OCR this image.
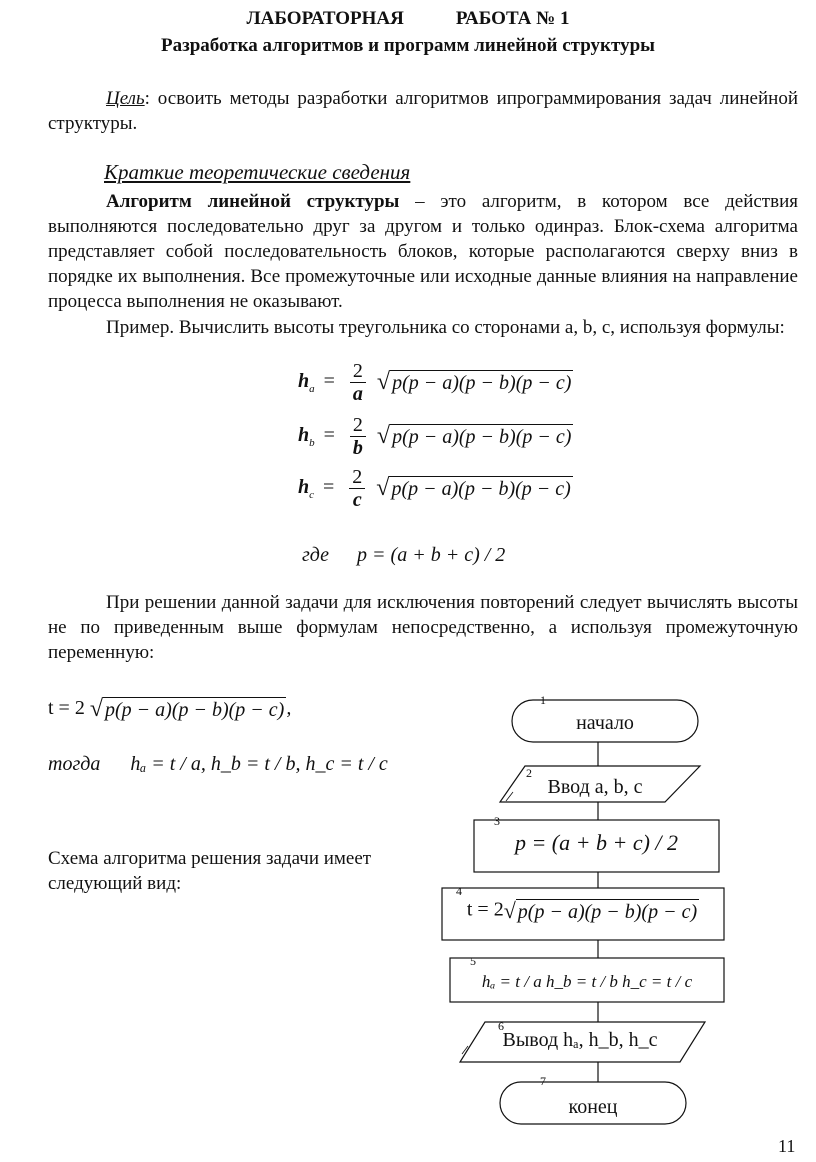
ЛАБОРАТОРНАЯ	РАБОТА № 1
Разработка алгоритмов и программ линейной структуры
Цель: освоить методы разработки алгоритмов ипрограммирования задач линейной структуры.
Краткие теоретические сведения
Алгоритм линейной структуры – это алгоритм, в котором все действия выполняются последовательно друг за другом и только одинраз. Блок-схема алгоритма представляет собой последовательность блоков, которые располагаются сверху вниз в порядке их выполнения. Все промежуточные или исходные данные влияния на направление процесса выполнения не оказывают.
Пример. Вычислить высоты треугольника со сторонами a, b, c, используя формулы:
$h_a = \frac{2}{a}$ √ p(p − a)(p − b)(p − c)
$h_b = \frac{2}{b}$ √ p(p − a)(p − b)(p − c)
$h_c = \frac{2}{c}$ √ p(p − a)(p − b)(p − c)
где p = (a + b + c) / 2
При решении данной задачи для исключения повторений следует вычислять высоты не по приведенным выше формулам непосредственно, а используя промежуточную переменную:
t = 2 √ p(p − a)(p − b)(p − c) ,
тогда hₐ = t / a, h_b = t / b, h_c = t / c
Схема алгоритма решения задачи имеет следующий вид:
1
2
3
4
5
6
7
начало
Ввод a, b, c
p = (a + b + c) / 2
t = 2√ p(p − a)(p − b)(p − c)
hₐ = t / a h_b = t / b h_c = t / c
Вывод hₐ, h_b, h_c
конец
11
